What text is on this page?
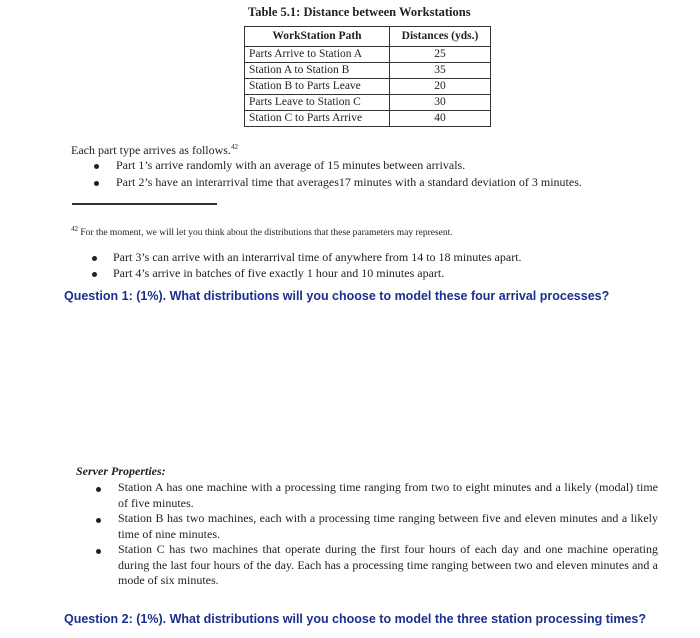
Table 5.1: Distance between Workstations
WorkStation Path	Distances (yds.)
Parts Arrive to Station A	25
Station A to Station B	35
Station B to Parts Leave	20
Parts Leave to Station C	30
Station C to Parts Arrive	40
Each part type arrives as follows.$^{42}$
Part 1’s arrive randomly with an average of 15 minutes between arrivals.
Part 2’s have an interarrival time that averages17 minutes with a standard deviation of 3 minutes.
$^{42}$ For the moment, we will let you think about the distributions that these parameters may represent.
Part 3’s can arrive with an interarrival time of anywhere from 14 to 18 minutes apart.
Part 4’s arrive in batches of five exactly 1 hour and 10 minutes apart.
Question 1: (1%). What distributions will you choose to model these four arrival processes?
Server Properties:
Station A has one machine with a processing time ranging from two to eight minutes and a likely (modal) time of five minutes.
Station B has two machines, each with a processing time ranging between five and eleven minutes and a likely time of nine minutes.
Station C has two machines that operate during the first four hours of each day and one machine operating during the last four hours of the day. Each has a processing time ranging between two and eleven minutes and a mode of six minutes.
Question 2: (1%). What distributions will you choose to model the three station processing times?
